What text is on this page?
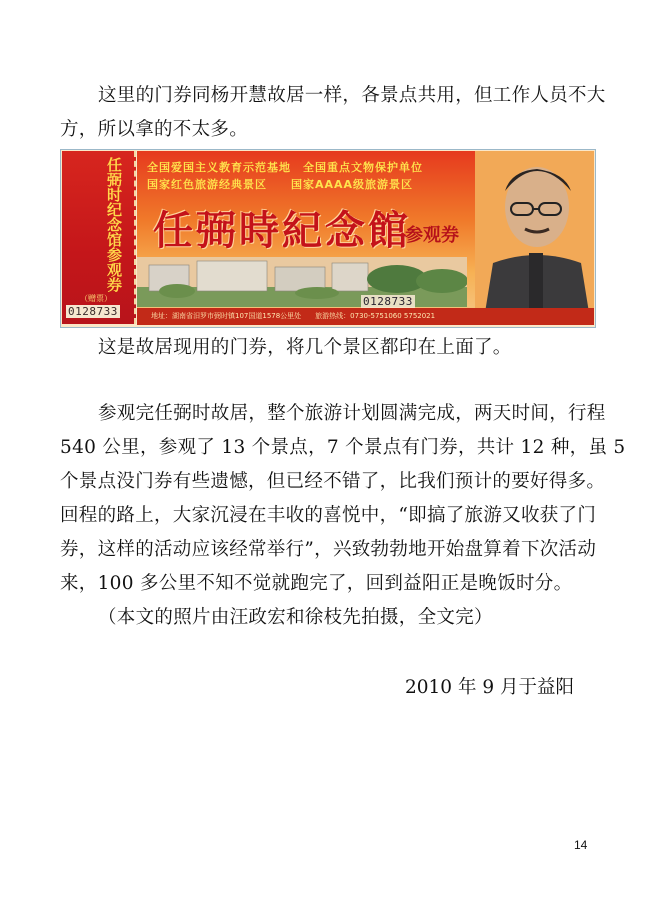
这里的门券同杨开慧故居一样，各景点共用，但工作人员不大
方，所以拿的不太多。
任弼时纪念馆参观券
（赠票）
0128733
全国爱国主义教育示范基地　全国重点文物保护单位
国家红色旅游经典景区　　国家AAAA级旅游景区
任弼時紀念館
参观券
地址：湖南省汨罗市弼时镇107国道1578公里处　　旅游热线：0730-5751060 5752021
0128733
这是故居现用的门券，将几个景区都印在上面了。
参观完任弼时故居，整个旅游计划圆满完成，两天时间，行程
540 公里，参观了 13 个景点，7 个景点有门券，共计 12 种，虽 5
个景点没门券有些遗憾，但已经不错了，比我们预计的要好得多。
回程的路上，大家沉浸在丰收的喜悦中，“即搞了旅游又收获了门
券，这样的活动应该经常举行”，兴致勃勃地开始盘算着下次活动
来，100 多公里不知不觉就跑完了，回到益阳正是晚饭时分。
（本文的照片由汪政宏和徐枝先拍摄，全文完）
2010 年 9 月于益阳
14
